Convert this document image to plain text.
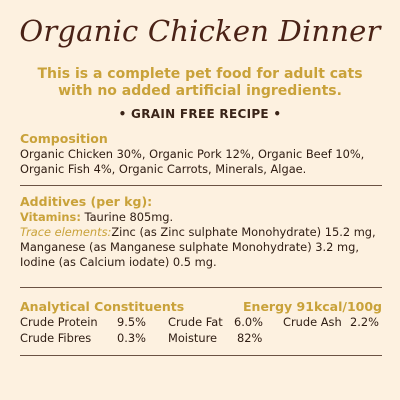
Organic Chicken Dinner
This is a complete pet food for adult cats
with no added artificial ingredients.
• GRAIN FREE RECIPE •
Composition
Organic Chicken 30%, Organic Pork 12%, Organic Beef 10%,
Organic Fish 4%, Organic Carrots, Minerals, Algae.
Additives (per kg):
Vitamins: Taurine 805mg.
Trace elements:Zinc (as Zinc sulphate Monohydrate) 15.2 mg,
Manganese (as Manganese sulphate Monohydrate) 3.2 mg,
Iodine (as Calcium iodate) 0.5 mg.
Analytical Constituents	Energy 91kcal/100g
Crude Protein 9.5% Crude Fat 6.0% Crude Ash 2.2%
Crude Fibres 0.3% Moisture 82%
